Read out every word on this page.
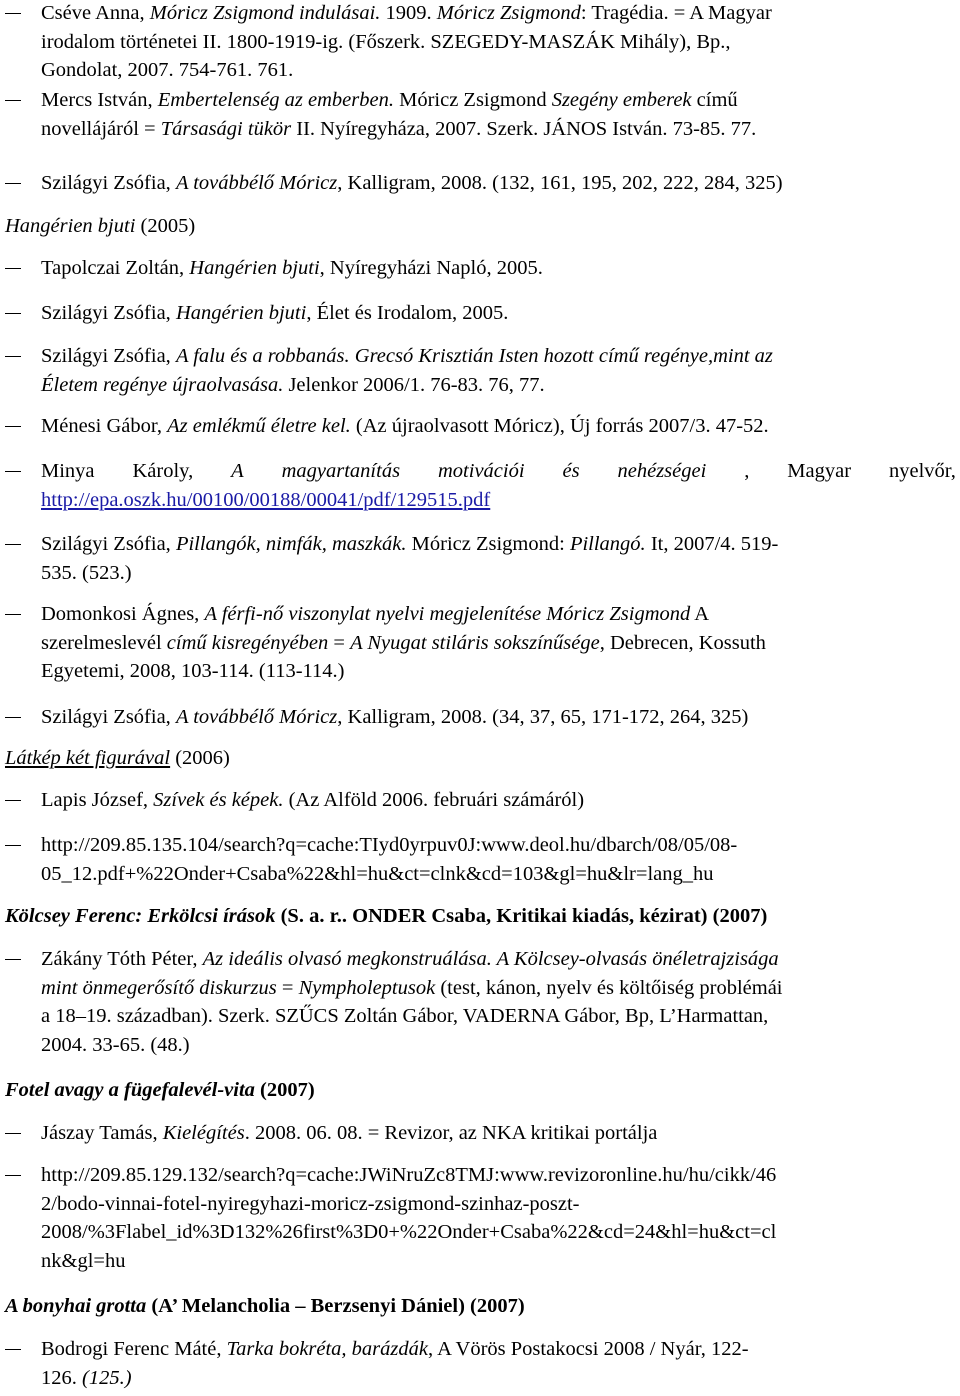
Cséve Anna, Móricz Zsigmond indulásai. 1909. Móricz Zsigmond: Tragédia. = A Magyar
irodalom történetei II. 1800-1919-ig. (Főszerk. SZEGEDY-MASZÁK Mihály), Bp.,
Gondolat, 2007. 754-761. 761.
Mercs István, Embertelenség az emberben. Móricz Zsigmond Szegény emberek című
novellájáról = Társasági tükör II. Nyíregyháza, 2007. Szerk. JÁNOS István. 73-85. 77.
Szilágyi Zsófia, A továbbélő Móricz, Kalligram, 2008. (132, 161, 195, 202, 222, 284, 325)
Hangérien bjuti (2005)
Tapolczai Zoltán, Hangérien bjuti, Nyíregyházi Napló, 2005.
Szilágyi Zsófia, Hangérien bjuti, Élet és Irodalom, 2005.
Szilágyi Zsófia, A falu és a robbanás. Grecsó Krisztián Isten hozott című regénye,mint az
Életem regénye újraolvasása. Jelenkor 2006/1. 76-83. 76, 77.
Ménesi Gábor, Az emlékmű életre kel. (Az újraolvasott Móricz), Új forrás 2007/3. 47-52.
Minya Károly, A magyartanítás motivációi és nehézségei , Magyar nyelvőr,
http://epa.oszk.hu/00100/00188/00041/pdf/129515.pdf
Szilágyi Zsófia, Pillangók, nimfák, maszkák. Móricz Zsigmond: Pillangó. It, 2007/4. 519-
535. (523.)
Domonkosi Ágnes, A férfi-nő viszonylat nyelvi megjelenítése Móricz Zsigmond A
szerelmeslevél című kisregényében = A Nyugat stiláris sokszínűsége, Debrecen, Kossuth
Egyetemi, 2008, 103-114. (113-114.)
Szilágyi Zsófia, A továbbélő Móricz, Kalligram, 2008. (34, 37, 65, 171-172, 264, 325)
Látkép két figurával (2006)
Lapis József, Szívek és képek. (Az Alföld 2006. februári számáról)
http://209.85.135.104/search?q=cache:TIyd0yrpuv0J:www.deol.hu/dbarch/08/05/08-
05_12.pdf+%22Onder+Csaba%22&hl=hu&ct=clnk&cd=103&gl=hu&lr=lang_hu
Kölcsey Ferenc: Erkölcsi írások (S. a. r.. ONDER Csaba, Kritikai kiadás, kézirat) (2007)
Zákány Tóth Péter, Az ideális olvasó megkonstruálása. A Kölcsey-olvasás önéletrajzisága
mint önmegerősítő diskurzus = Nympholeptusok (test, kánon, nyelv és költőiség problémái
a 18‒19. században). Szerk. SZŰCS Zoltán Gábor, VADERNA Gábor, Bp, L’Harmattan,
2004. 33-65. (48.)
Fotel avagy a fügefalevél-vita (2007)
Jászay Tamás, Kielégítés. 2008. 06. 08. = Revizor, az NKA kritikai portálja
http://209.85.129.132/search?q=cache:JWiNruZc8TMJ:www.revizoronline.hu/hu/cikk/46
2/bodo-vinnai-fotel-nyiregyhazi-moricz-zsigmond-szinhaz-poszt-
2008/%3Flabel_id%3D132%26first%3D0+%22Onder+Csaba%22&cd=24&hl=hu&ct=cl
nk&gl=hu
A bonyhai grotta (A’ Melancholia ‒ Berzsenyi Dániel) (2007)
Bodrogi Ferenc Máté, Tarka bokréta, barázdák, A Vörös Postakocsi 2008 / Nyár, 122-
126. (125.)
